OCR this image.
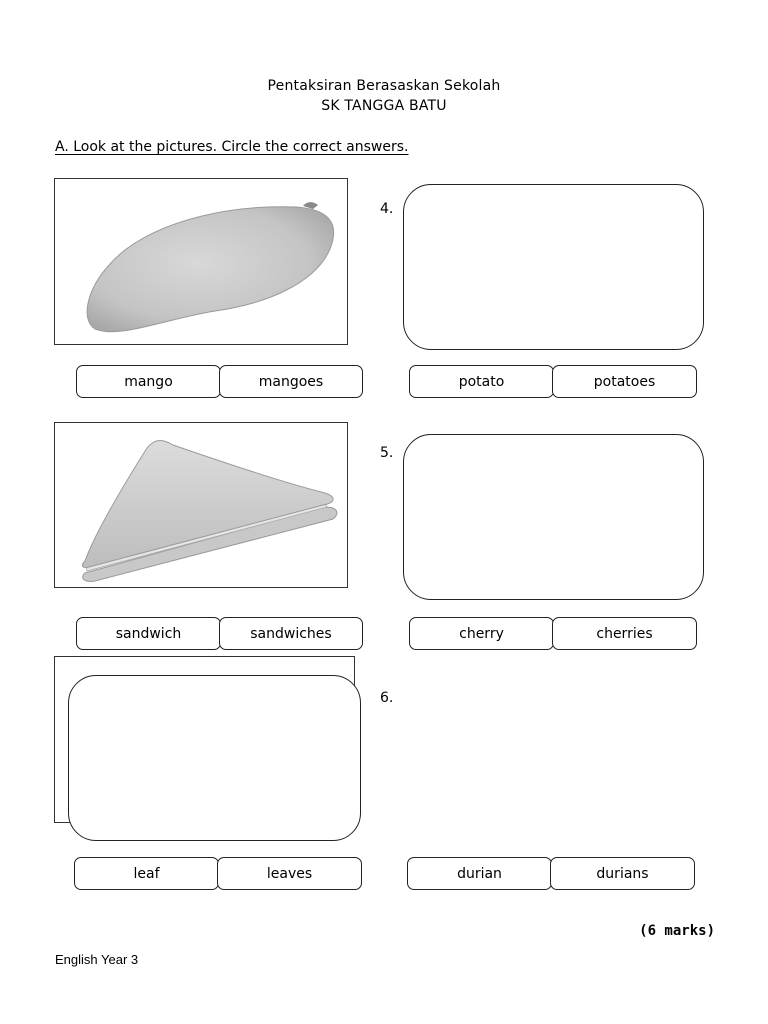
Pentaksiran Berasaskan Sekolah
SK TANGGA BATU
A. Look at the pictures. Circle the correct answers.
4.
mango	mangoes	potato	potatoes
5.
sandwich	sandwiches	cherry	cherries
6.
leaf	leaves	durian	durians
(6 marks)
English Year 3
